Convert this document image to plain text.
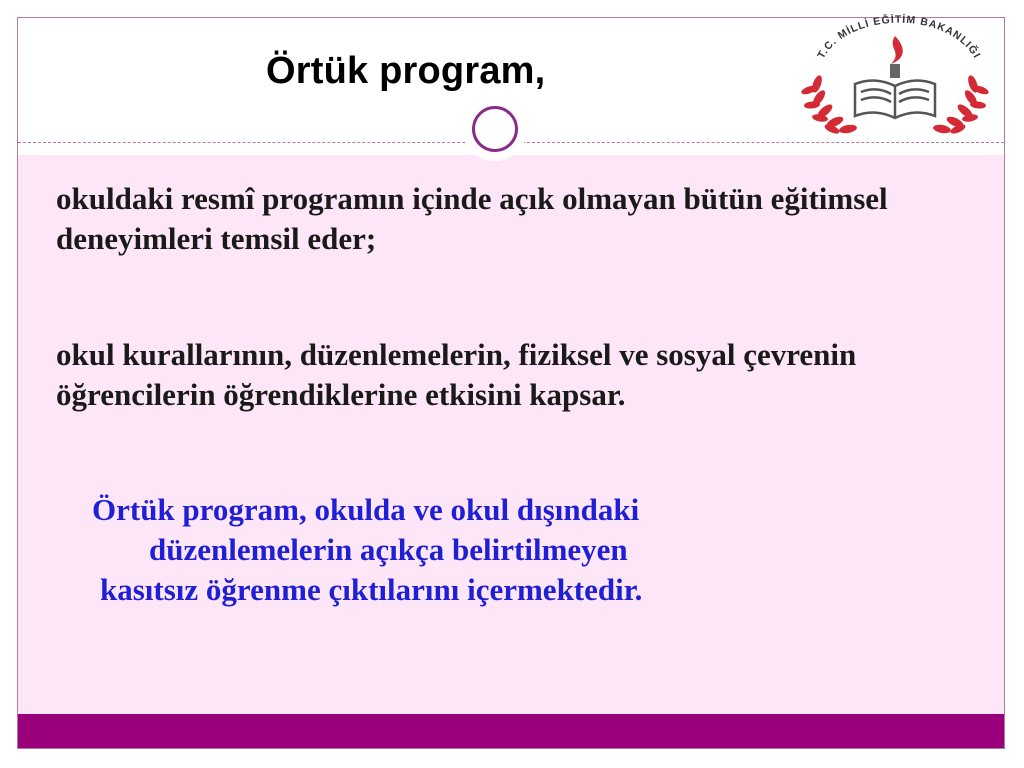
Örtük program,	T.C. MİLLİ EĞİTİM BAKANLIĞI
okuldaki resmî programın içinde açık olmayan bütün eğitimsel deneyimleri temsil eder;
okul kurallarının, düzenlemelerin, fiziksel ve sosyal çevrenin öğrencilerin öğrendiklerine etkisini kapsar.
Örtük program, okulda ve okul dışındaki
düzenlemelerin açıkça belirtilmeyen
kasıtsız öğrenme çıktılarını içermektedir.
